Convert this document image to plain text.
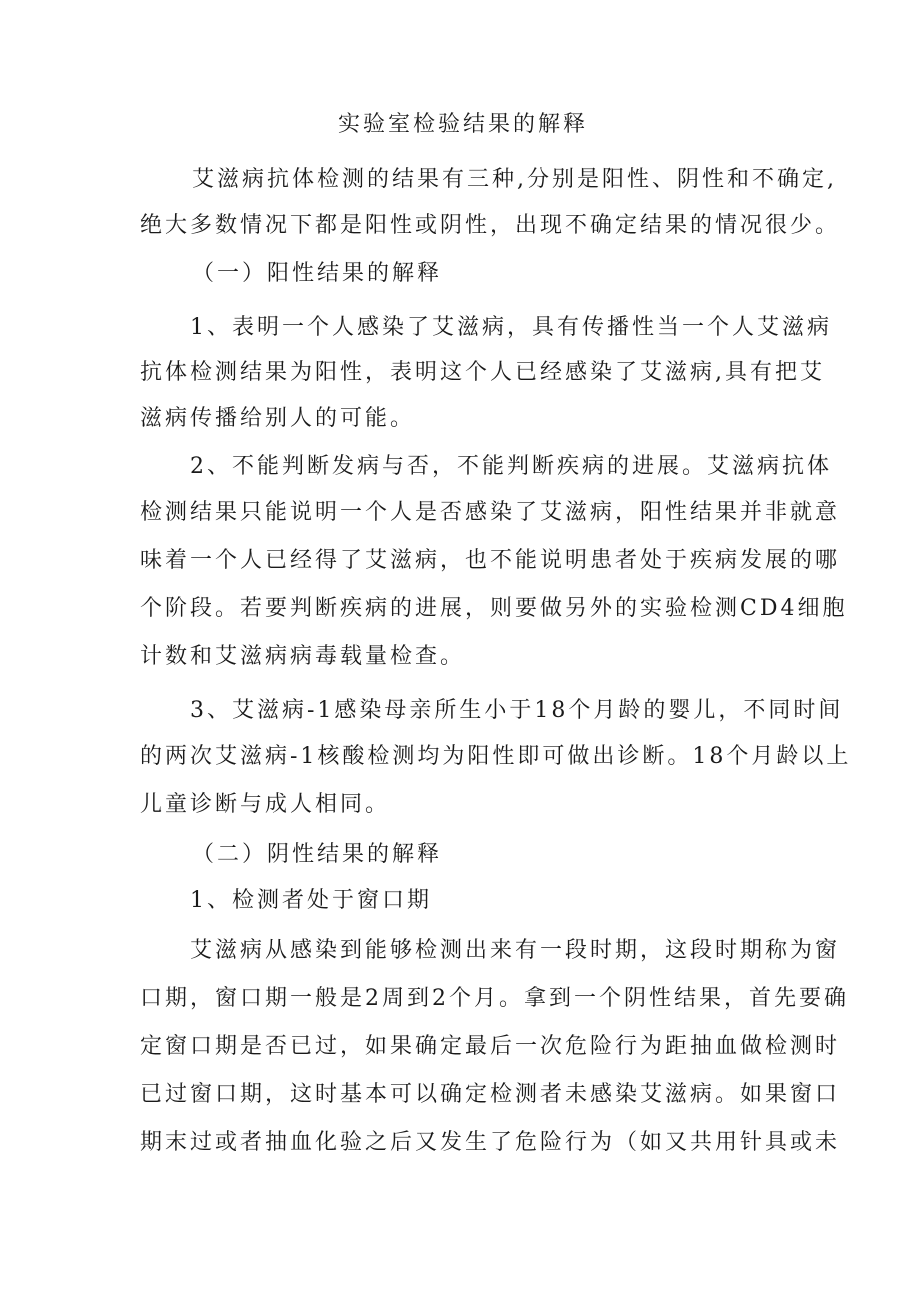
实验室检验结果的解释
艾滋病抗体检测的结果有三种,分别是阳性、阴性和不确定,
绝大多数情况下都是阳性或阴性，出现不确定结果的情况很少。
（一）阳性结果的解释
1、表明一个人感染了艾滋病，具有传播性当一个人艾滋病
抗体检测结果为阳性，表明这个人已经感染了艾滋病,具有把艾
滋病传播给别人的可能。
2、不能判断发病与否，不能判断疾病的进展。艾滋病抗体
检测结果只能说明一个人是否感染了艾滋病，阳性结果并非就意
味着一个人已经得了艾滋病，也不能说明患者处于疾病发展的哪
个阶段。若要判断疾病的进展，则要做另外的实验检测CD4细胞
计数和艾滋病病毒载量检查。
3、艾滋病-1感染母亲所生小于18个月龄的婴儿，不同时间
的两次艾滋病-1核酸检测均为阳性即可做出诊断。18个月龄以上
儿童诊断与成人相同。
（二）阴性结果的解释
1、检测者处于窗口期
艾滋病从感染到能够检测出来有一段时期，这段时期称为窗
口期，窗口期一般是2周到2个月。拿到一个阴性结果，首先要确
定窗口期是否已过，如果确定最后一次危险行为距抽血做检测时
已过窗口期，这时基本可以确定检测者未感染艾滋病。如果窗口
期末过或者抽血化验之后又发生了危险行为（如又共用针具或未
